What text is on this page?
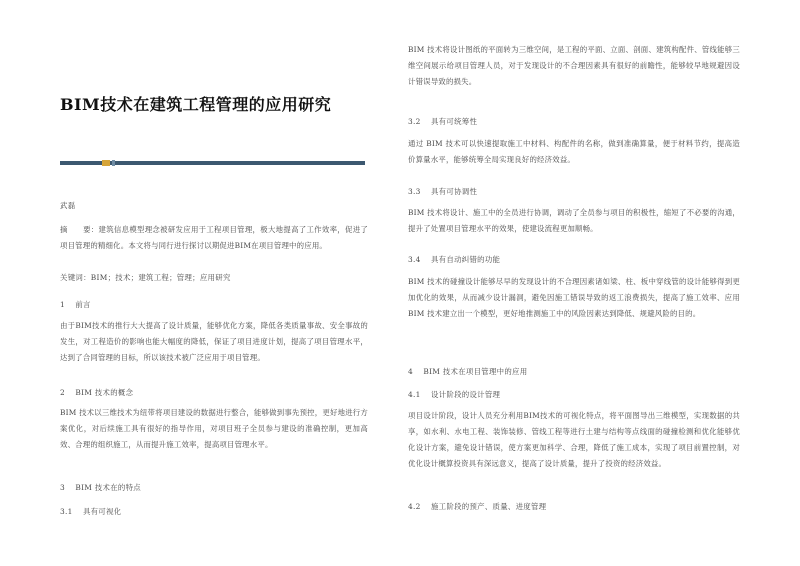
BIM技术在建筑工程管理的应用研究
武磊
摘　　要：建筑信息模型理念被研发应用于工程项目管理，极大地提高了工作效率，促进了项目管理的精细化。本文将与同行进行探讨以期促进BIM在项目管理中的应用。
关键词：BIM；技术；建筑工程；管理；应用研究
1　 前言
由于BIM技术的推行大大提高了设计质量，能够优化方案，降低各类质量事故、安全事故的发生，对工程造价的影响也能大幅度的降低，保证了项目进度计划，提高了项目管理水平，达到了合同管理的目标，所以该技术被广泛应用于项目管理。
2　 BIM 技术的概念
BIM 技术以三维技术为纽带将项目建设的数据进行整合，能够做到事先预控，更好地进行方案优化，对后续施工具有很好的指导作用，对项目班子全员参与建设的准确控制，更加高效、合理的组织施工，从而提升施工效率，提高项目管理水平。
3　 BIM 技术在的特点
3.1　 具有可视化
BIM 技术将设计图纸的平面转为三维空间，是工程的平面、立面、剖面、建筑构配件、管线能够三维空间展示给项目管理人员，对于发现设计的不合理因素具有很好的前瞻性，能够较早地规避因设计错误导致的损失。
3.2　 具有可统筹性
通过 BIM 技术可以快速提取施工中材料、构配件的名称，做到准确算量，便于材料节约，提高造价算量水平，能够统筹全局实现良好的经济效益。
3.3　 具有可协调性
BIM 技术将设计、施工中的全员进行协调，调动了全员参与项目的积极性，缩短了不必要的沟通，提升了处置项目管理水平的效果，使建设流程更加顺畅。
3.4　 具有自动纠错的功能
BIM 技术的碰撞设计能够尽早的发现设计的不合理因素诸如梁、柱、板中穿线管的设计能够得到更加优化的效果，从而减少设计漏洞，避免因施工错误导致的返工浪费损失，提高了施工效率、应用 BIM 技术建立出一个模型，更好地推测施工中的风险因素达到降低、规避风险的目的。
4　 BIM 技术在项目管理中的应用
4.1　 设计阶段的设计管理
项目设计阶段，设计人员充分利用BIM技术的可视化特点，将平面图导出三维模型，实现数据的共享，如水利、水电工程、装饰装修、管线工程等进行土建与结构等点线面的碰撞检测和优化能够优化设计方案，避免设计错误，使方案更加科学、合理，降低了施工成本，实现了项目前置控制，对优化设计概算投资具有深远意义，提高了设计质量，提升了投资的经济效益。
4.2　 施工阶段的预产、质量、进度管理
